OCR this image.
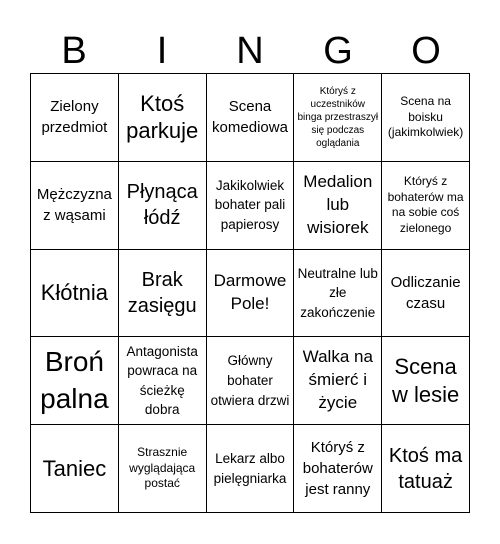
B	I	N	G	O
Zielony przedmiot
Ktoś parkuje
Scena komediowa
Któryś z uczestników binga przestraszył się podczas oglądania
Scena na boisku (jakimkolwiek)
Mężczyzna z wąsami
Płynąca łódź
Jakikolwiek bohater pali papierosy
Medalion lub wisiorek
Któryś z bohaterów ma na sobie coś zielonego
Kłótnia
Brak zasięgu
Darmowe Pole!
Neutralne lub złe zakończenie
Odliczanie czasu
Broń palna
Antagonista powraca na ścieżkę dobra
Główny bohater otwiera drzwi
Walka na śmierć i życie
Scena w lesie
Taniec
Strasznie wyglądająca postać
Lekarz albo pielęgniarka
Któryś z bohaterów jest ranny
Ktoś ma tatuaż
